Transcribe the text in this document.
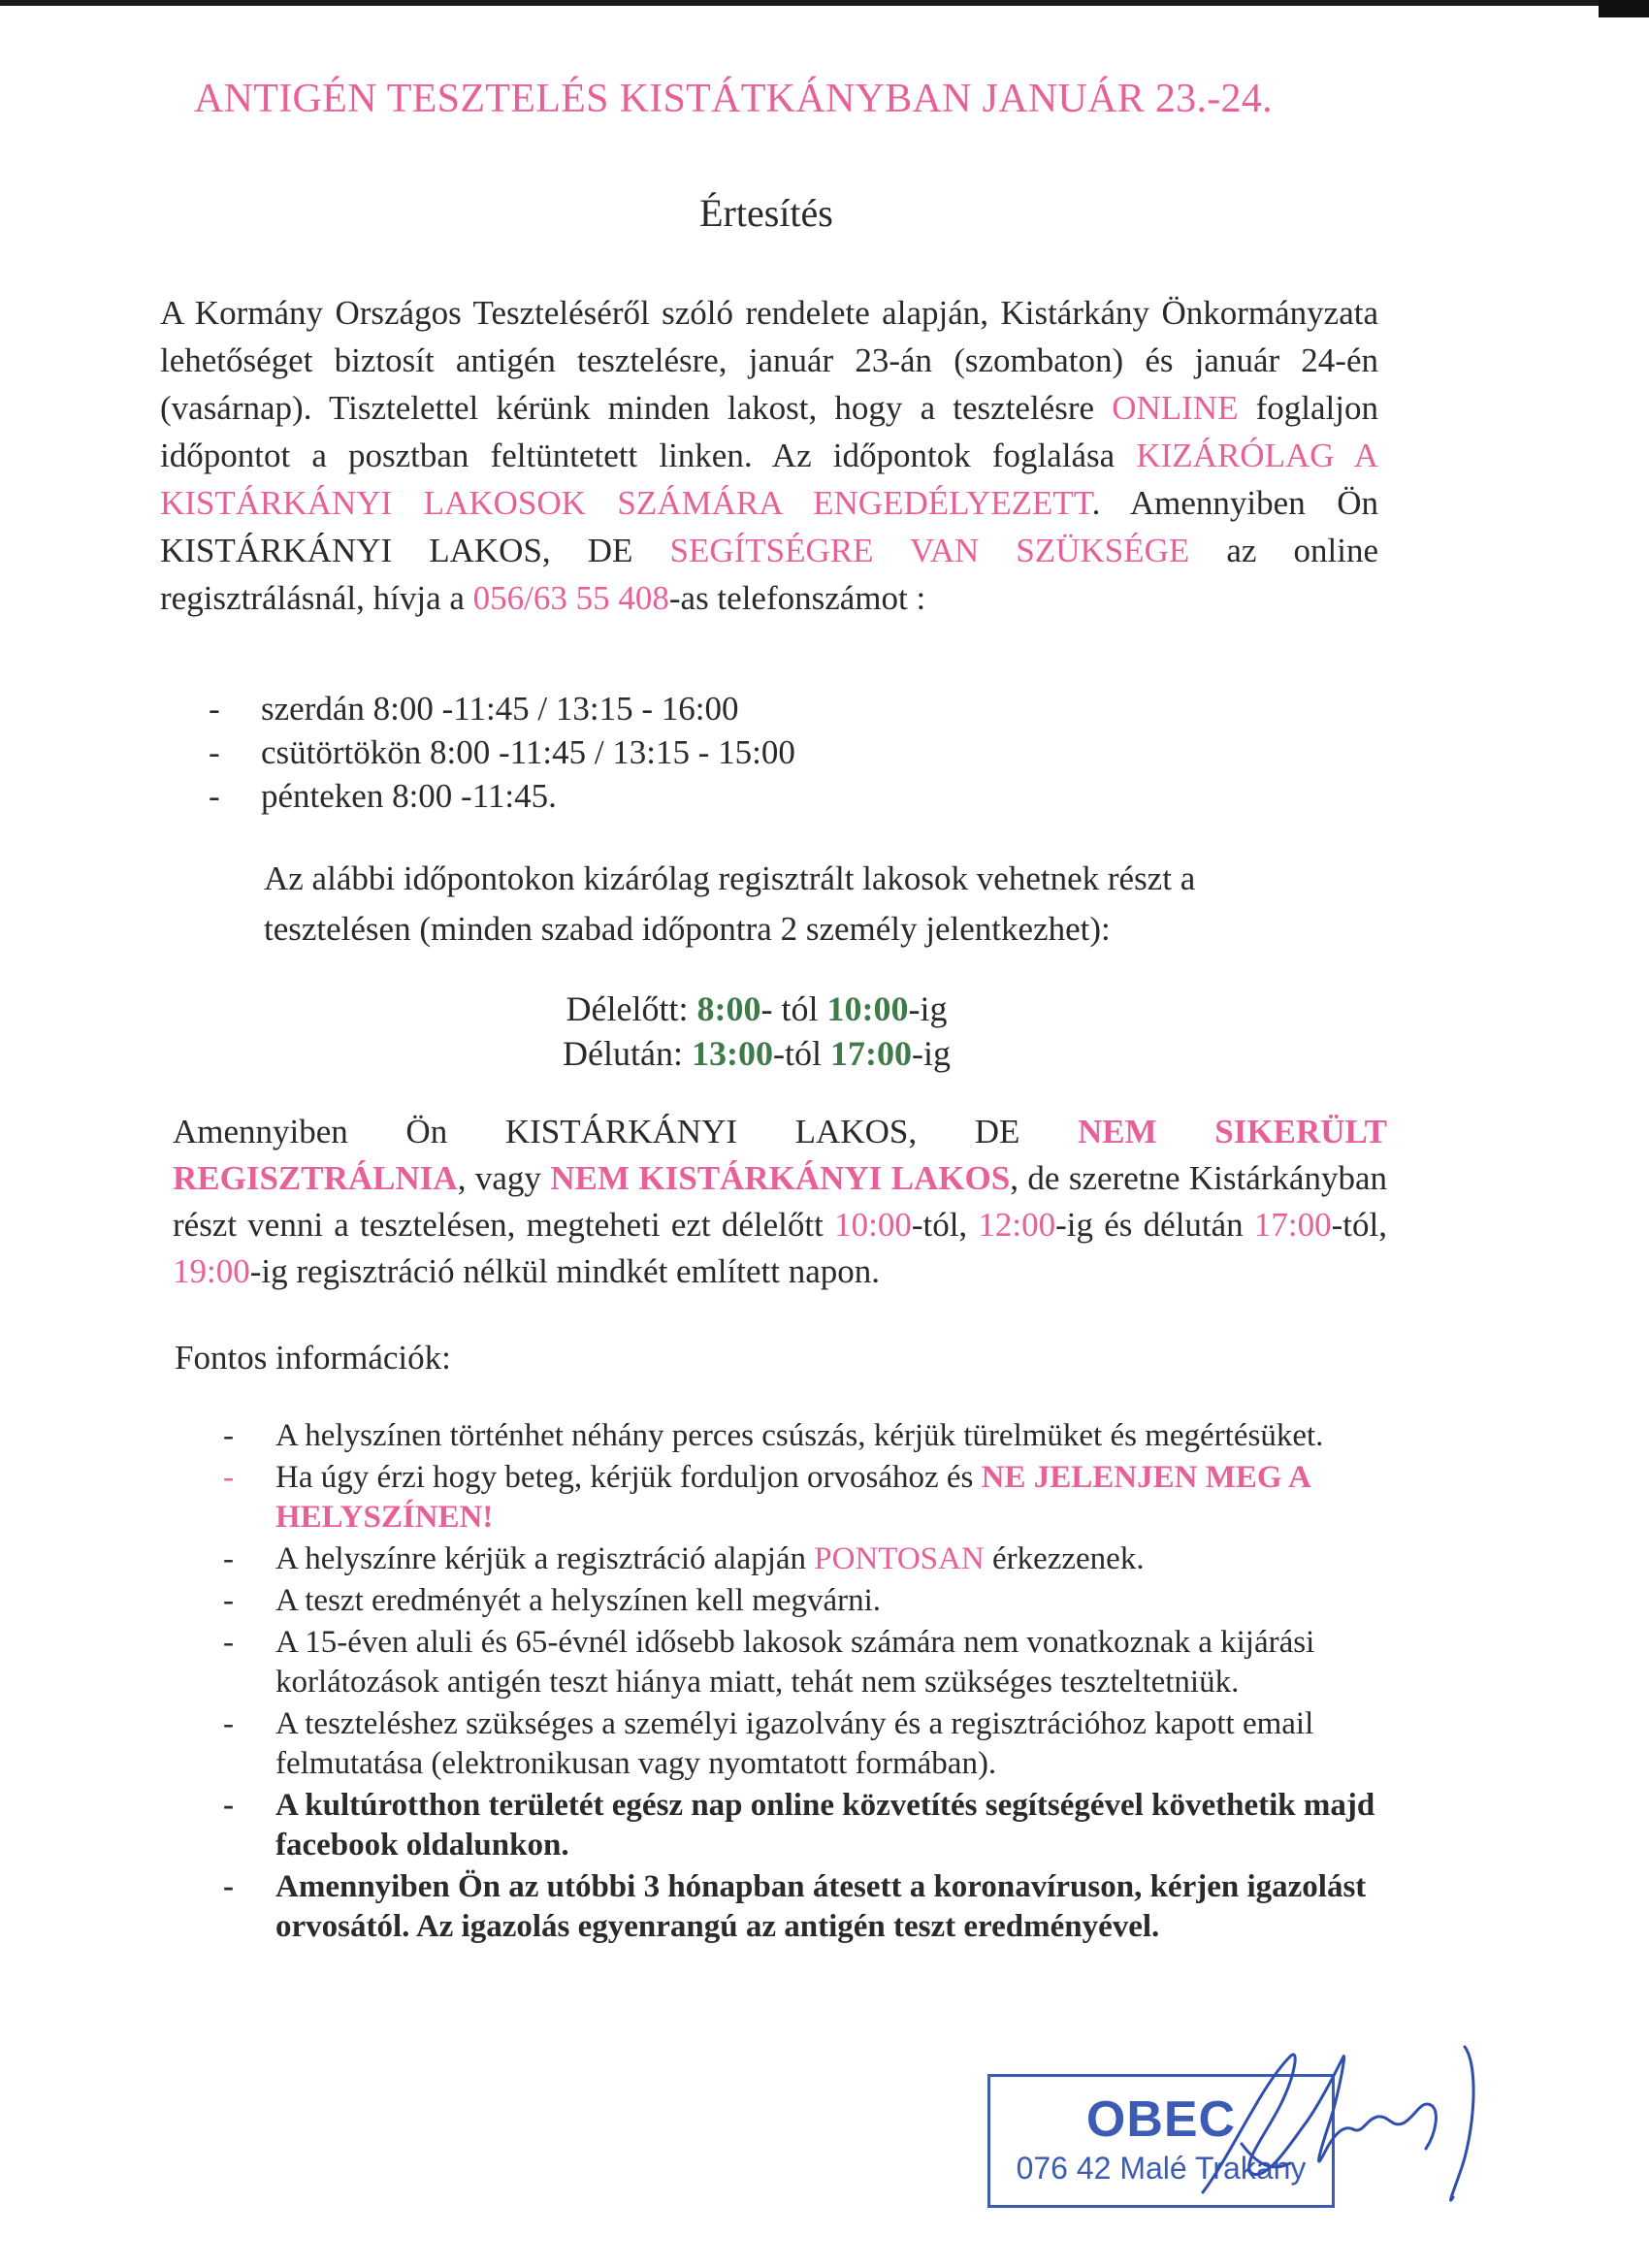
ANTIGÉN TESZTELÉS KISTÁTKÁNYBAN JANUÁR 23.-24.
Értesítés
A Kormány Országos Teszteléséről szóló rendelete alapján, Kistárkány Önkormányzata lehetőséget biztosít antigén tesztelésre, január 23-án (szombaton) és január 24-én (vasárnap). Tisztelettel kérünk minden lakost, hogy a tesztelésre ONLINE foglaljon időpontot a posztban feltüntetett linken. Az időpontok foglalása KIZÁRÓLAG A KISTÁRKÁNYI LAKOSOK SZÁMÁRA ENGEDÉLYEZETT. Amennyiben Ön KISTÁRKÁNYI LAKOS, DE SEGÍTSÉGRE VAN SZÜKSÉGE az online regisztrálásnál, hívja a 056/63 55 408-as telefonszámot :
- szerdán 8:00 -11:45 / 13:15 - 16:00
- csütörtökön 8:00 -11:45 / 13:15 - 15:00
- pénteken 8:00 -11:45.
Az alábbi időpontokon kizárólag regisztrált lakosok vehetnek részt a tesztelésen (minden szabad időpontra 2 személy jelentkezhet):
Délelőtt: 8:00- tól 10:00-ig
Délután: 13:00-tól 17:00-ig
Amennyiben Ön KISTÁRKÁNYI LAKOS, DE NEM SIKERÜLT REGISZTRÁLNIA, vagy NEM KISTÁRKÁNYI LAKOS, de szeretne Kistárkányban részt venni a tesztelésen, megteheti ezt délelőtt 10:00-tól, 12:00-ig és délután 17:00-tól, 19:00-ig regisztráció nélkül mindkét említett napon.
Fontos információk:
- A helyszínen történhet néhány perces csúszás, kérjük türelmüket és megértésüket.
- Ha úgy érzi hogy beteg, kérjük forduljon orvosához és NE JELENJEN MEG A HELYSZÍNEN!
- A helyszínre kérjük a regisztráció alapján PONTOSAN érkezzenek.
- A teszt eredményét a helyszínen kell megvárni.
- A 15-éven aluli és 65-évnél idősebb lakosok számára nem vonatkoznak a kijárási korlátozások antigén teszt hiánya miatt, tehát nem szükséges teszteltetniük.
- A teszteléshez szükséges a személyi igazolvány és a regisztrációhoz kapott email felmutatása (elektronikusan vagy nyomtatott formában).
- A kultúrotthon területét egész nap online közvetítés segítségével követhetik majd facebook oldalunkon.
- Amennyiben Ön az utóbbi 3 hónapban átesett a koronavíruson, kérjen igazolást orvosától. Az igazolás egyenrangú az antigén teszt eredményével.
OBEC
076 42 Malé Trakany
